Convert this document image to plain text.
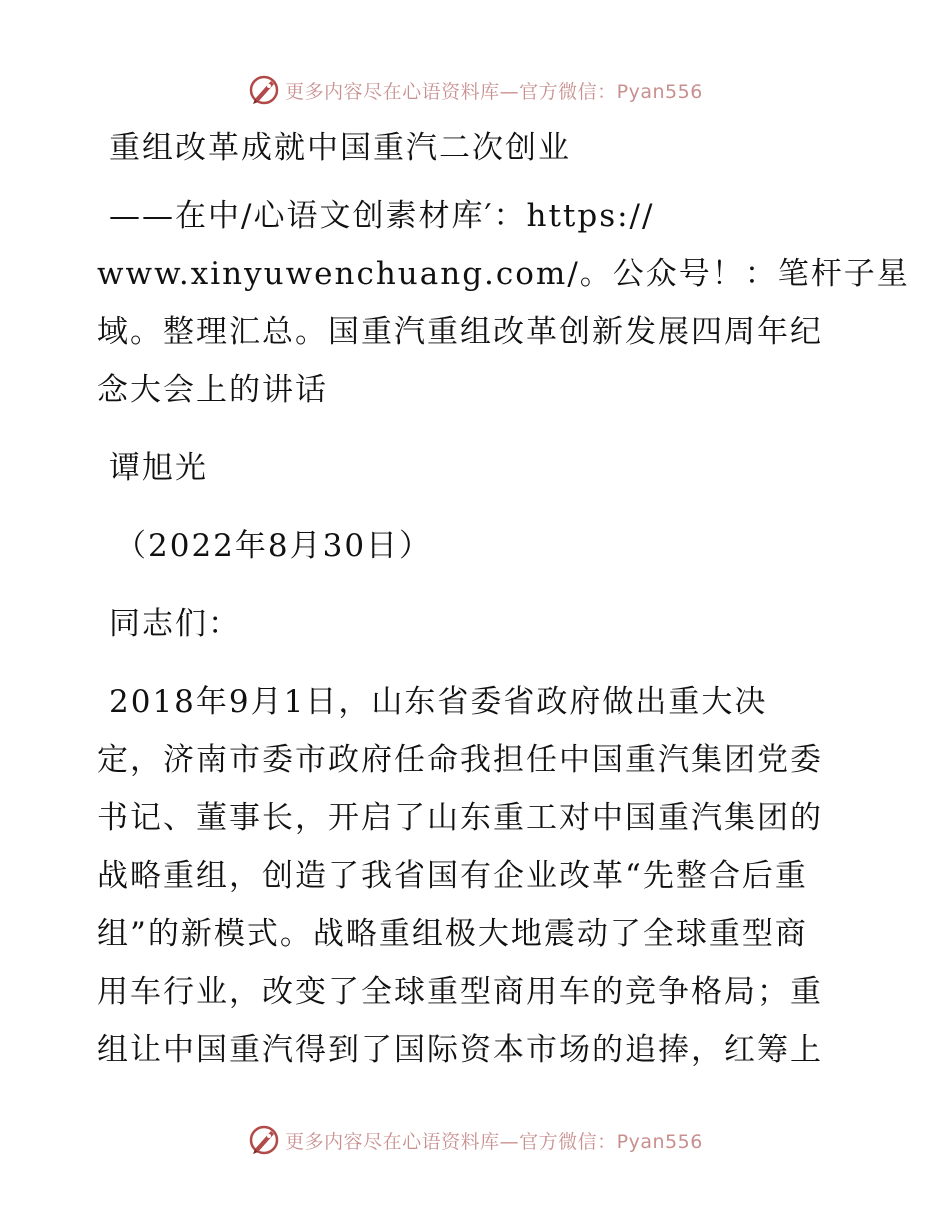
更多内容尽在心语资料库—官方微信：Pyan556

重组改革成就中国重汽二次创业

——在中/心语文创素材库′：https://

www.xinyuwenchuang.com/。公众号！：笔杆子星

域。整理汇总。国重汽重组改革创新发展四周年纪

念大会上的讲话

谭旭光

（2022年8月30日）

同志们：

2018年9月1日，山东省委省政府做出重大决

定，济南市委市政府任命我担任中国重汽集团党委

书记、董事长，开启了山东重工对中国重汽集团的

战略重组，创造了我省国有企业改革“先整合后重

组”的新模式。战略重组极大地震动了全球重型商

用车行业，改变了全球重型商用车的竞争格局；重

组让中国重汽得到了国际资本市场的追捧，红筹上

更多内容尽在心语资料库—官方微信：Pyan556
